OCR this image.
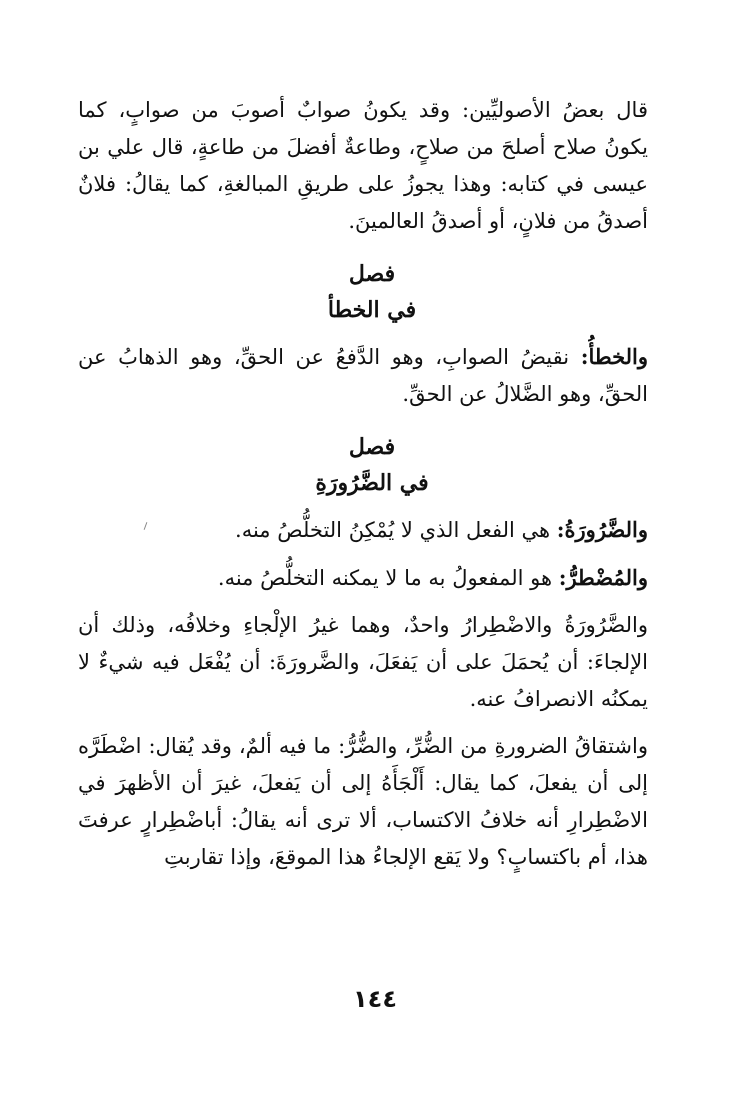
قال بعضُ الأصوليِّين: وقد يكونُ صوابٌ أصوبَ من صوابٍ، كما يكونُ صلاح أصلحَ من صلاحٍ، وطاعةٌ أفضلَ من طاعةٍ، قال علي بن عيسى في كتابه: وهذا يجوزُ على طريقِ المبالغةِ، كما يقالُ: فلانٌ أصدقُ من فلانٍ، أو أصدقُ العالمينَ.

فصل

في الخطأ

والخطأُ: نقيضُ الصوابِ، وهو الدَّفعُ عن الحقِّ، وهو الذهابُ عن الحقِّ، وهو الضَّلالُ عن الحقِّ.

فصل

في الضَّرُورَةِ

والضَّرُورَةُ: هي الفعل الذي لا يُمْكِنُ التخلُّصُ منه.

والمُضْطرُّ: هو المفعولُ به ما لا يمكنه التخلُّصُ منه.

والضَّرُورَةُ والاضْطِرارُ واحدٌ، وهما غيرُ الإلْجاءِ وخلافُه، وذلك أن الإلجاءَ: أن يُحمَلَ على أن يَفعَلَ، والضَّرورَةَ: أن يُفْعَل فيه شيءٌ لا يمكنُه الانصرافُ عنه.

واشتقاقُ الضرورةِ من الضُّرِّ، والضُّرُّ: ما فيه ألمٌ، وقد يُقال: اضْطَرَّه إلى أن يفعلَ، كما يقال: أَلْجَأَهُ إلى أن يَفعلَ، غيرَ أن الأظهرَ في الاضْطِرارِ أنه خلافُ الاكتساب، ألا ترى أنه يقالُ: أباضْطِرارٍ عرفتَ هذا، أم باكتسابٍ؟ ولا يَقع الإلجاءُ هذا الموقعَ، وإذا تقاربتِ

١٤٤
